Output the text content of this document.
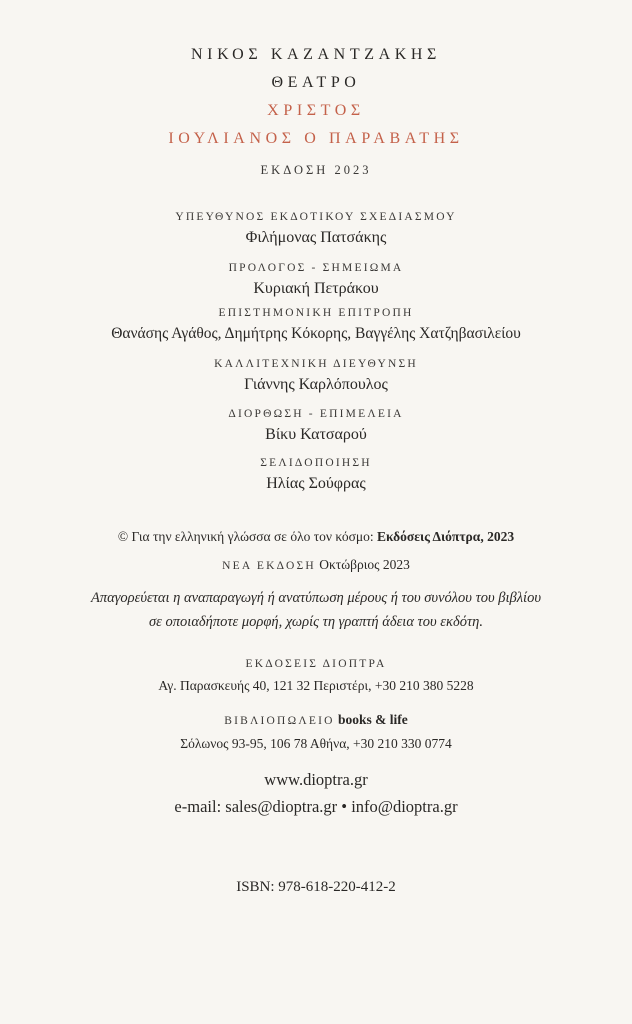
ΝΙΚΟΣ ΚΑΖΑΝΤΖΑΚΗΣ
ΘΕΑΤΡΟ
ΧΡΙΣΤΟΣ
ΙΟΥΛΙΑΝΟΣ Ο ΠΑΡΑΒΑΤΗΣ
ΕΚΔΟΣΗ 2023
ΥΠΕΥΘΥΝΟΣ ΕΚΔΟΤΙΚΟΥ ΣΧΕΔΙΑΣΜΟΥ
Φιλήμονας Πατσάκης
ΠΡΟΛΟΓΟΣ - ΣΗΜΕΙΩΜΑ
Κυριακή Πετράκου
ΕΠΙΣΤΗΜΟΝΙΚΗ ΕΠΙΤΡΟΠΗ
Θανάσης Αγάθος, Δημήτρης Κόκορης, Βαγγέλης Χατζηβασιλείου
ΚΑΛΛΙΤΕΧΝΙΚΗ ΔΙΕΥΘΥΝΣΗ
Γιάννης Καρλόπουλος
ΔΙΟΡΘΩΣΗ - ΕΠΙΜΕΛΕΙΑ
Βίκυ Κατσαρού
ΣΕΛΙΔΟΠΟΙΗΣΗ
Ηλίας Σούφρας
© Για την ελληνική γλώσσα σε όλο τον κόσμο: Εκδόσεις Διόπτρα, 2023
ΝΕΑ ΕΚΔΟΣΗ Οκτώβριος 2023
Απαγορεύεται η αναπαραγωγή ή ανατύπωση μέρους ή του συνόλου του βιβλίου
σε οποιαδήποτε μορφή, χωρίς τη γραπτή άδεια του εκδότη.
ΕΚΔΟΣΕΙΣ ΔΙΟΠΤΡΑ
Αγ. Παρασκευής 40, 121 32 Περιστέρι, +30 210 380 5228
ΒΙΒΛΙΟΠΩΛΕΙΟ books & life
Σόλωνος 93-95, 106 78 Αθήνα, +30 210 330 0774
www.dioptra.gr
e-mail: sales@dioptra.gr • info@dioptra.gr
ISBN: 978-618-220-412-2
